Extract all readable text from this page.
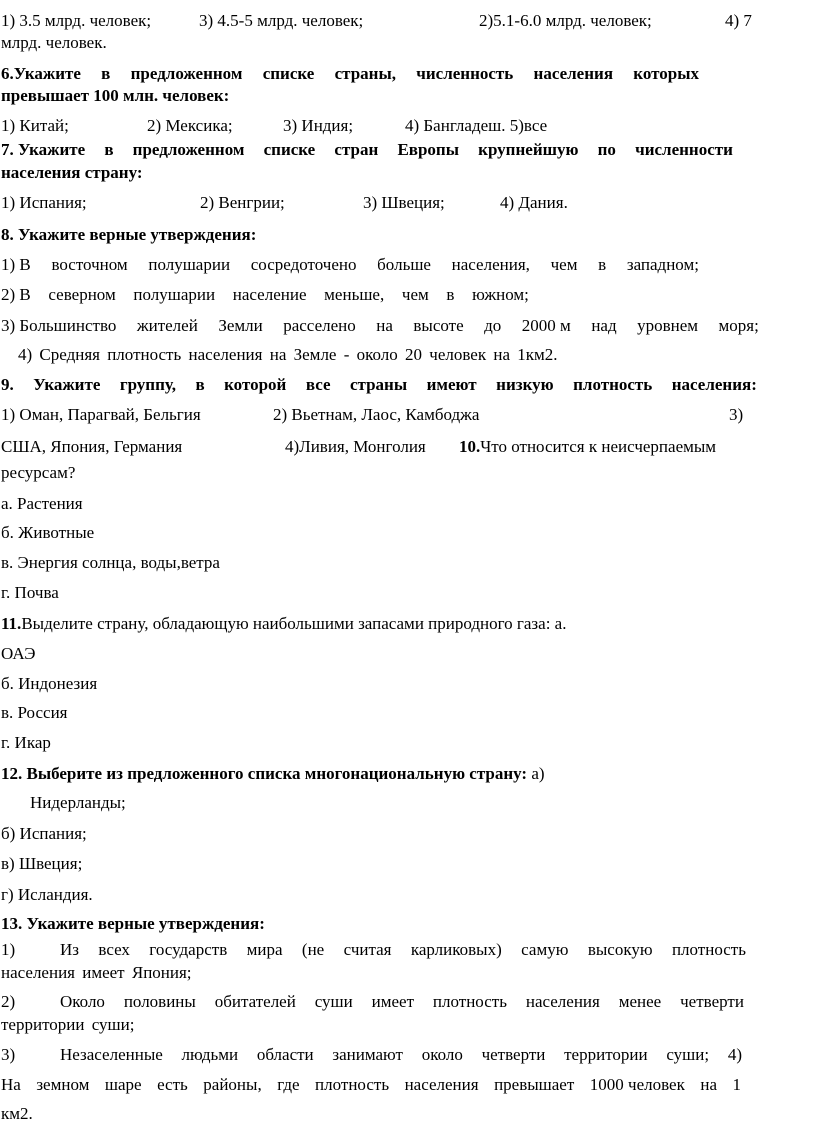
1) 3.5 млрд. человек;	3) 4.5-5 млрд. человек;	2)5.1-6.0 млрд. человек;	4) 7
млрд. человек.
6.Укажите в предложенном списке страны, численность населения которых
превышает 100 млн. человек:
1) Китай;	2) Мексика;	3) Индия;	4) Бангладеш. 5)все
7. Укажите в предложенном списке стран Европы крупнейшую по численности
населения страну:
1) Испания;	2) Венгрии;	3) Швеция;	4) Дания.
8. Укажите верные утверждения:
1) В восточном полушарии сосредоточено больше населения, чем в западном;
2) В северном полушарии население меньше, чем в южном;
3) Большинство жителей Земли расселено на высоте до 2000 м над уровнем моря;
4) Средняя плотность населения на Земле - около 20 человек на 1км2.
9. Укажите группу, в которой все страны имеют низкую плотность населения:
1) Оман, Парагвай, Бельгия	2) Вьетнам, Лаос, Камбоджа	3)
США, Япония, Германия	4)Ливия, Монголия 10.Что относится к неисчерпаемым
ресурсам?
а. Растения
б. Животные
в. Энергия солнца, воды,ветра
г. Почва
11.Выделите страну, обладающую наибольшими запасами природного газа: а.
ОАЭ
б. Индонезия
в. Россия
г. Икар
12. Выберите из предложенного списка многонациональную страну: а)
Нидерланды;
б) Испания;
в) Швеция;
г) Исландия.
13. Укажите верные утверждения:
1)	Из всех государств мира (не считая карликовых) самую высокую плотность
населения имеет Япония;
2)	Около половины обитателей суши имеет плотность населения менее четверти
территории суши;
3)	Незаселенные людьми области занимают около четверти территории суши; 4)
На земном шаре есть районы, где плотность населения превышает 1000 человек на 1
км2.
